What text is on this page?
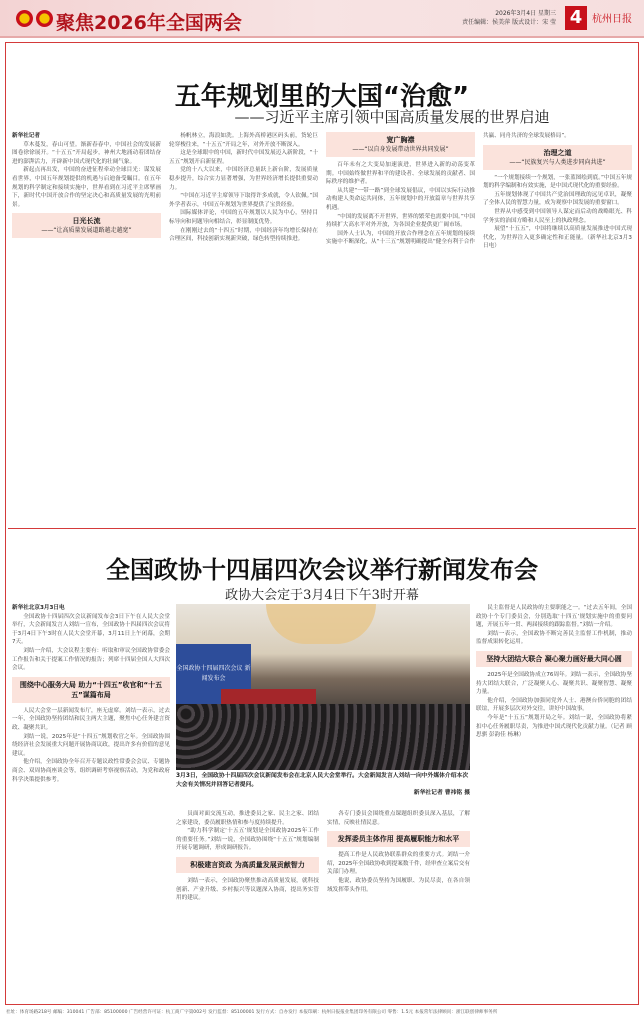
聚焦2026年全国两会	2026年3月4日 星期三
责任编辑：侯美萍 版式设计：宋 莹 4 杭州日报
五年规划里的大国“治愈”
——习近平主席引领中国高质量发展的世界启迪

新华社记者

草木蔓发，春山可望。渐新春春中，中国社会的发展新图卷徐徐展开。“十五五”开局起步，神州大地涌动着团结奋进的澎湃活力，开辟新中国式现代化的壮阔气象。

新起点再出发，中国的奋进征程牵动全球目光：谋发展看世界，中国五年规划提供的机遇与启迪备受瞩目。在五年规划的科学制定和接续实施中，世界看到在习近平主席擘画下，新时代中国开放合作的坚定决心和高质量发展的光明前景。

日光长流
——“让高质量发展道路越走越宽”

杨帆林立，海浪如洗。上海外高桥港区码头前，货轮巨轮穿梭往来，“十五五”开局之年，对外开放不断深入。

这是全球眼中的中国，新时代中国发展迈入新阶段，“十五五”规划开启新征程。

党的十八大以来，中国经济总量跃上新台阶，发展质量稳步提升，综合实力显著增强，为世界经济增长提供重要动力。

“中国在习近平主席领导下取得许多成就，令人钦佩。”国外学者表示，中国五年规划为世界提供了宝贵经验。

国际媒体评论，中国的五年规划以人民为中心，坚持目标导向和问题导向相结合，彰显制度优势。

在刚刚过去的“十四五”时期，中国经济年均增长保持在合理区间，科技创新实现新突破，绿色转型持续推进。

宽广胸襟
——“以自身发展带动世界共同发展”

百年未有之大变局加速演进，世界进入新的动荡变革期。中国始终做世界和平的建设者、全球发展的贡献者、国际秩序的维护者。

从共建“一带一路”到全球发展倡议，中国以实际行动推动构建人类命运共同体，五年规划中的开放篇章与世界共享机遇。

“中国的发展离不开世界，世界的繁荣也需要中国。”中国持续扩大高水平对外开放，为各国企业提供更广阔市场。

国外人士认为，中国的开放合作理念在五年规划的接续实施中不断深化，从“十三五”规划明确提出“健全有利于合作共赢、同舟共济的全球发展格局”。

治理之道
——“民族复兴与人类进步同向共进”

“一个规划接续一个规划，一张蓝图绘到底。”中国五年规划的科学编制和有效实施，是中国式现代化的重要经验。

五年规划体现了中国共产党治国理政的远见卓识，凝聚了全体人民的智慧力量，成为观察中国发展的重要窗口。

世界从中感受到中国领导人谋定而后动的战略眼光、科学务实的治国方略和人民至上的执政理念。

展望“十五五”，中国将继续以高质量发展推进中国式现代化，为世界注入更多确定性和正能量。（新华社北京3月3日电）

全国政协十四届四次会议举行新闻发布会
政协大会定于3月4日下午3时开幕

新华社北京3月3日电

全国政协十四届四次会议新闻发布会3日下午在人民大会堂举行，大会新闻发言人刘结一宣布，全国政协十四届四次会议将于3月4日下午3时在人民大会堂开幕，3月11日上午闭幕，会期7天。

刘结一介绍，大会议程主要有：听取和审议全国政协常委会工作报告和关于提案工作情况的报告；列席十四届全国人大四次会议。

围绕中心服务大局 助力“十四五”收官和“十五五”谋篇布局

人民大会堂一层新闻发布厅，座无虚席。刘结一表示，过去一年，全国政协坚持团结和民主两大主题，聚焦中心任务建言资政、凝聚共识。

刘结一说，2025年是“十四五”规划收官之年。全国政协围绕经济社会发展重大问题开展协商议政，提出许多有价值的意见建议。

他介绍，全国政协全年召开专题议政性常委会会议、专题协商会、双周协商座谈会等，组织调研考察视察活动，为党和政府科学决策提供参考。

全国政协十四届四次会议 新闻发布会
3月3日，全国政协十四届四次会议新闻发布会在北京人民大会堂举行。大会新闻发言人刘结一向中外媒体介绍本次大会有关情况并回答记者提问。
新华社记者 曹祎铭 摄

员面对面交流互动，推进委员之家、民主之家、团结之家建设，委员履职热情和参与度持续提升。

“助力科学制定‘十五五’规划是全国政协2025年工作的重要任务。”刘结一说，全国政协围绕“十五五”规划编制开展专题调研，形成调研报告。

积极建言资政 为高质量发展贡献智力

刘结一表示，全国政协聚焦推动高质量发展，就科技创新、产业升级、乡村振兴等议题深入协商，提出务实管用的建议。

各专门委员会围绕重点课题组织委员深入基层，了解实情，反映社情民意。

发挥委员主体作用 提高履职能力和水平

提高工作是人民政协联系群众的重要方式。刘结一介绍，2025年全国政协收到提案数千件，经审查立案后交有关部门办理。

他说，政协委员坚持为国履职、为民尽责，在各自领域发挥带头作用。

民主监督是人民政协的主要职能之一。“过去五年间，全国政协十个专门委员会，分别选取‘十四五’规划实施中的重要问题，开展五年一贯、两届接续的跟踪监督。”刘结一介绍。

刘结一表示，全国政协不断完善民主监督工作机制，推动监督成果转化运用。

坚持大团结大联合 凝心聚力画好最大同心圆

2025年是全国政协成立76周年。刘结一表示，全国政协坚持大团结大联合，广泛凝聚人心、凝聚共识、凝聚智慧、凝聚力量。

他介绍，全国政协加强同党外人士、港澳台侨同胞的团结联谊，开展多层次对外交往，讲好中国故事。

今年是“十五五”规划开局之年。刘结一说，全国政协将紧扣中心任务履职尽责，为推进中国式现代化贡献力量。（记者 顾思骐 彭韵佳 杨琳）

社址：体育场路218号 邮编：310041 广告部：85100000 广告经营许可证：杭工商广字第002号 发行监督：85100001 发行方式：自办发行 本报印刷：杭州日报报业集团印务有限公司 零售：1.5元 本报常年法律顾问：浙江联创律师事务所
